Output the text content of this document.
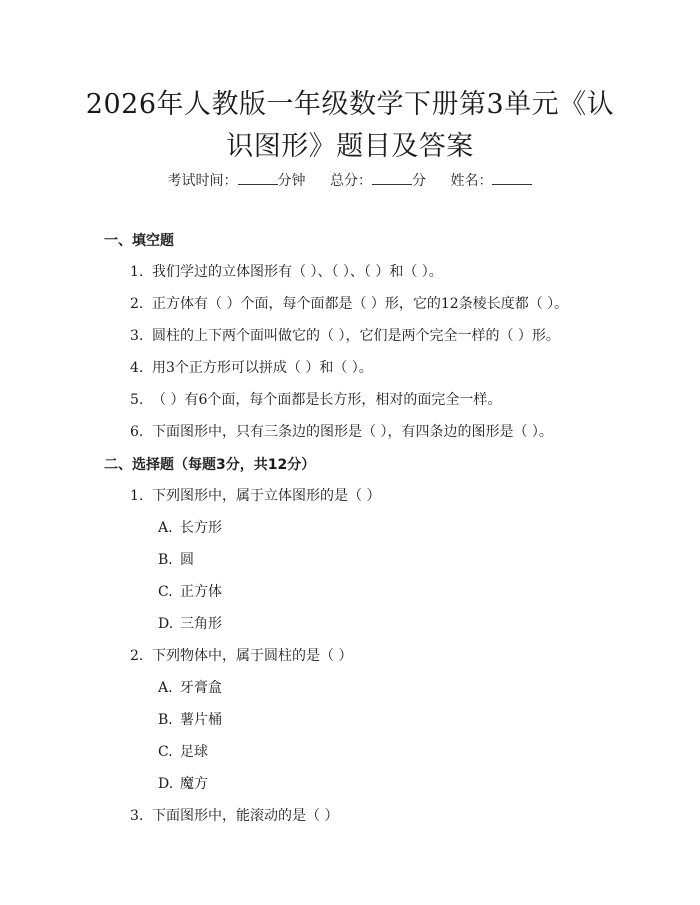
2026年人教版一年级数学下册第3单元《认
识图形》题目及答案
考试时间：	分钟 总分：	分 姓名：
一、填空题
1. 我们学过的立体图形有（ ）、（ ）、（ ）和（ ）。
2. 正方体有（ ）个面，每个面都是（ ）形，它的12条棱长度都（ ）。
3. 圆柱的上下两个面叫做它的（ ），它们是两个完全一样的（ ）形。
4. 用3个正方形可以拼成（ ）和（ ）。
5. （ ）有6个面，每个面都是长方形，相对的面完全一样。
6. 下面图形中，只有三条边的图形是（ ），有四条边的图形是（ ）。
二、选择题（每题3分，共12分）
1. 下列图形中，属于立体图形的是（ ）
A. 长方形
B. 圆
C. 正方体
D. 三角形
2. 下列物体中，属于圆柱的是（ ）
A. 牙膏盒
B. 薯片桶
C. 足球
D. 魔方
3. 下面图形中，能滚动的是（ ）
